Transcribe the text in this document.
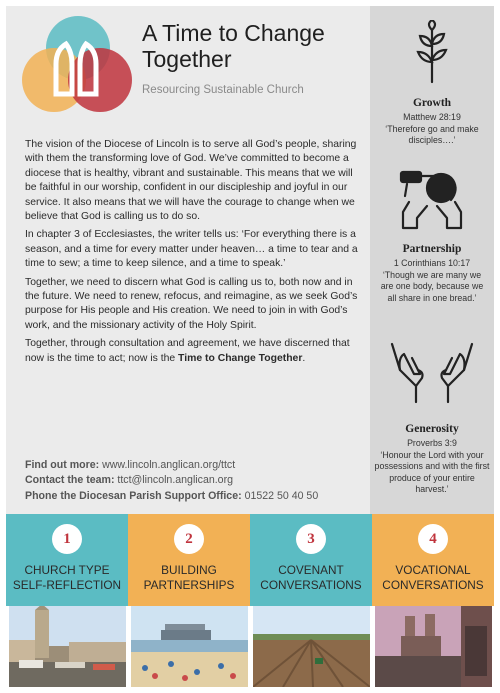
A Time to Change
Together
Resourcing Sustainable Church

The vision of the Diocese of Lincoln is to serve all God’s people, sharing with them the transforming love of God. We’ve committed to become a diocese that is healthy, vibrant and sustainable. This means that we will be faithful in our worship, confident in our discipleship and joyful in our service. It also means that we will have the courage to change when we believe that God is calling us to do so.

In chapter 3 of Ecclesiastes, the writer tells us: ‘For everything there is a season, and a time for every matter under heaven… a time to tear and a time to sew; a time to keep silence, and a time to speak.’

Together, we need to discern what God is calling us to, both now and in the future. We need to renew, refocus, and reimagine, as we seek God’s purpose for His people and His creation. We need to join in with God’s work, and the missionary activity of the Holy Spirit.

Together, through consultation and agreement, we have discerned that now is the time to act; now is the Time to Change Together.

Find out more: www.lincoln.anglican.org/ttct
Contact the team: ttct@lincoln.anglican.org
Phone the Diocesan Parish Support Office: 01522 50 40 50
Growth
Matthew 28:19
‘Therefore go and make disciples….’
Partnership
1 Corinthians 10:17
‘Though we are many we are one body, because we all share in one bread.’
Generosity
Proverbs 3:9
‘Honour the Lord with your possessions and with the first produce of your entire harvest.’
1
CHURCH TYPE
SELF-REFLECTION
2
BUILDING
PARTNERSHIPS
3
COVENANT
CONVERSATIONS
4
VOCATIONAL
CONVERSATIONS
